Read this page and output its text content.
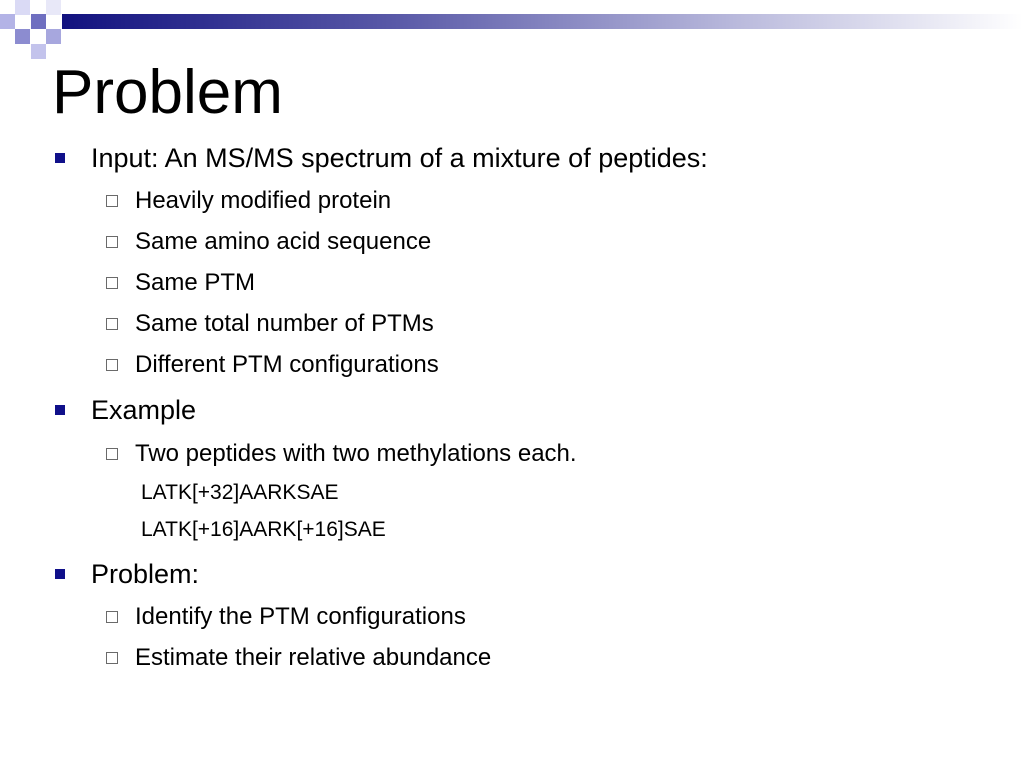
Problem
Input: An MS/MS spectrum of a mixture of peptides:
Heavily modified protein
Same amino acid sequence
Same PTM
Same total number of PTMs
Different PTM configurations
Example
Two peptides with two methylations each.
LATK[+32]AARKSAE
LATK[+16]AARK[+16]SAE
Problem:
Identify the PTM configurations
Estimate their relative abundance
